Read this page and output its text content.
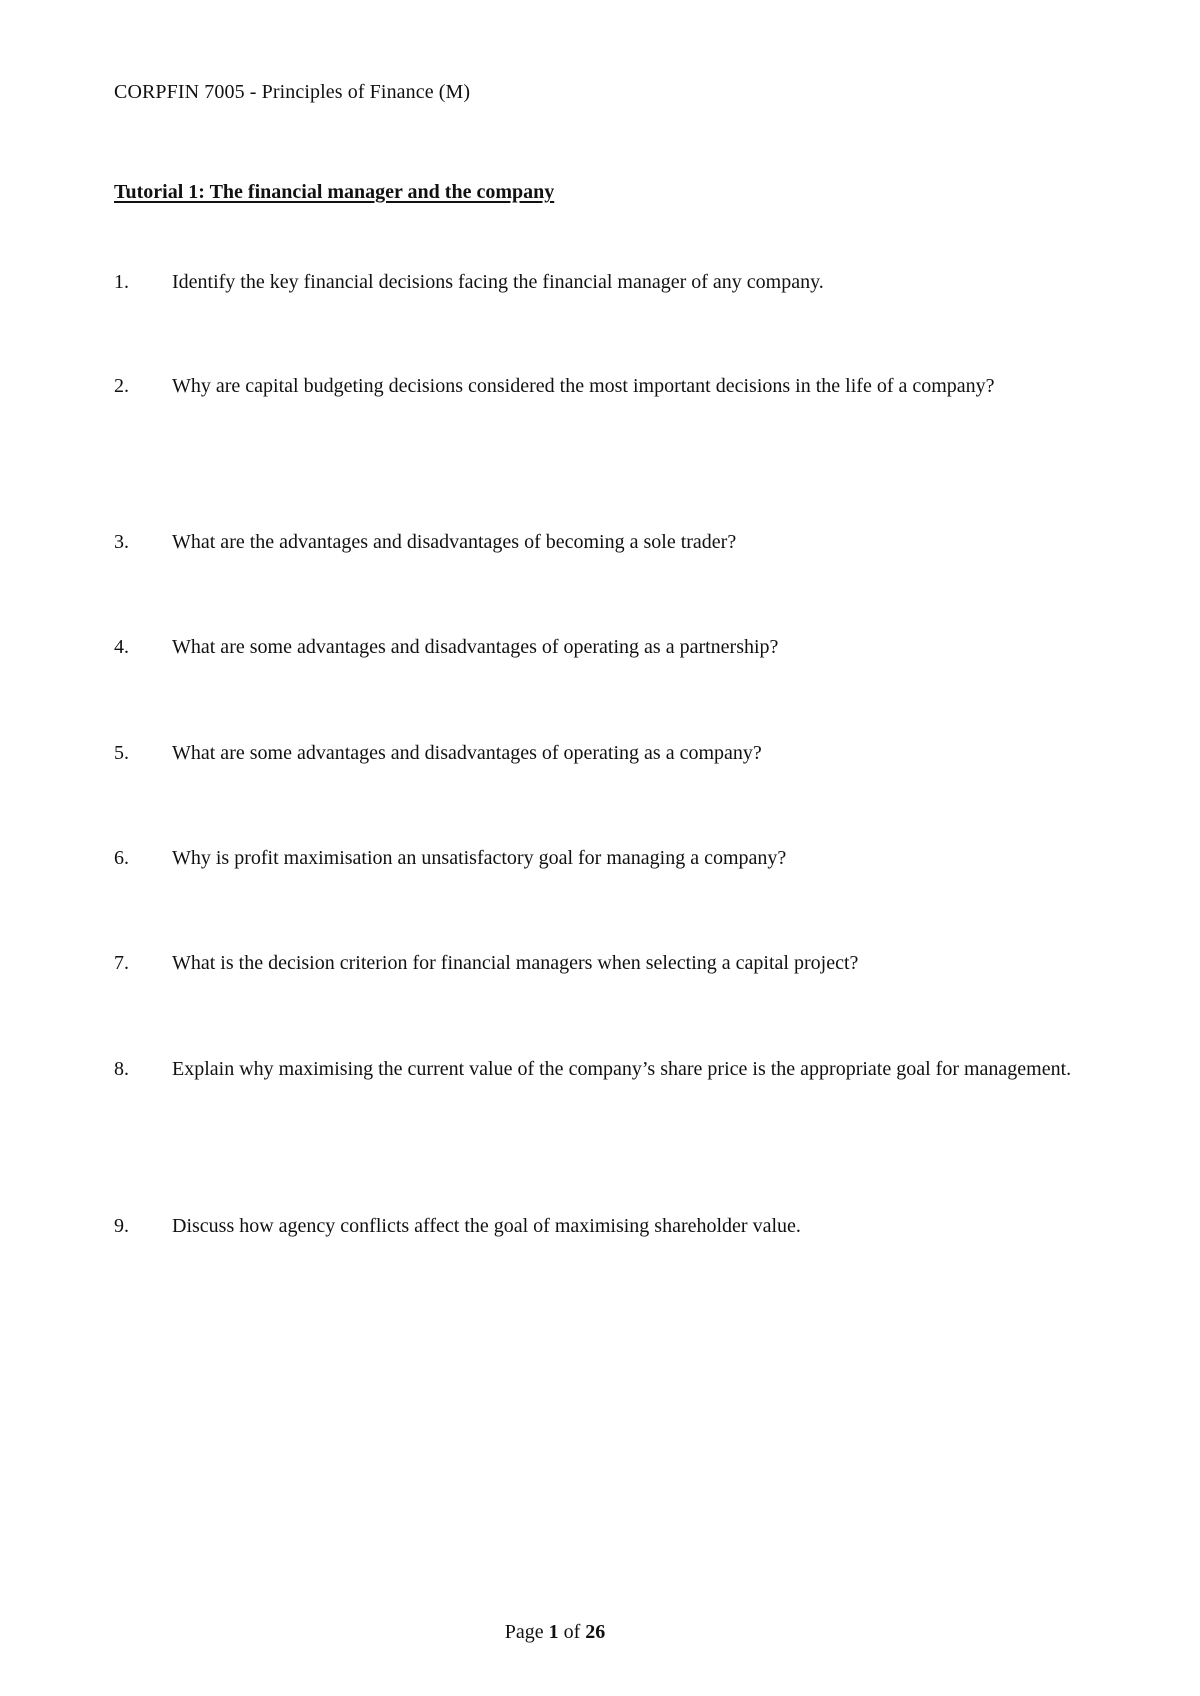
CORPFIN 7005 - Principles of Finance (M)
Tutorial 1: The financial manager and the company
1.	Identify the key financial decisions facing the financial manager of any company.
2.	Why are capital budgeting decisions considered the most important decisions in the life of a company?
3.	What are the advantages and disadvantages of becoming a sole trader?
4.	What are some advantages and disadvantages of operating as a partnership?
5.	What are some advantages and disadvantages of operating as a company?
6.	Why is profit maximisation an unsatisfactory goal for managing a company?
7.	What is the decision criterion for financial managers when selecting a capital project?
8.	Explain why maximising the current value of the company’s share price is the appropriate goal for management.
9.	Discuss how agency conflicts affect the goal of maximising shareholder value.
Page 1 of 26
